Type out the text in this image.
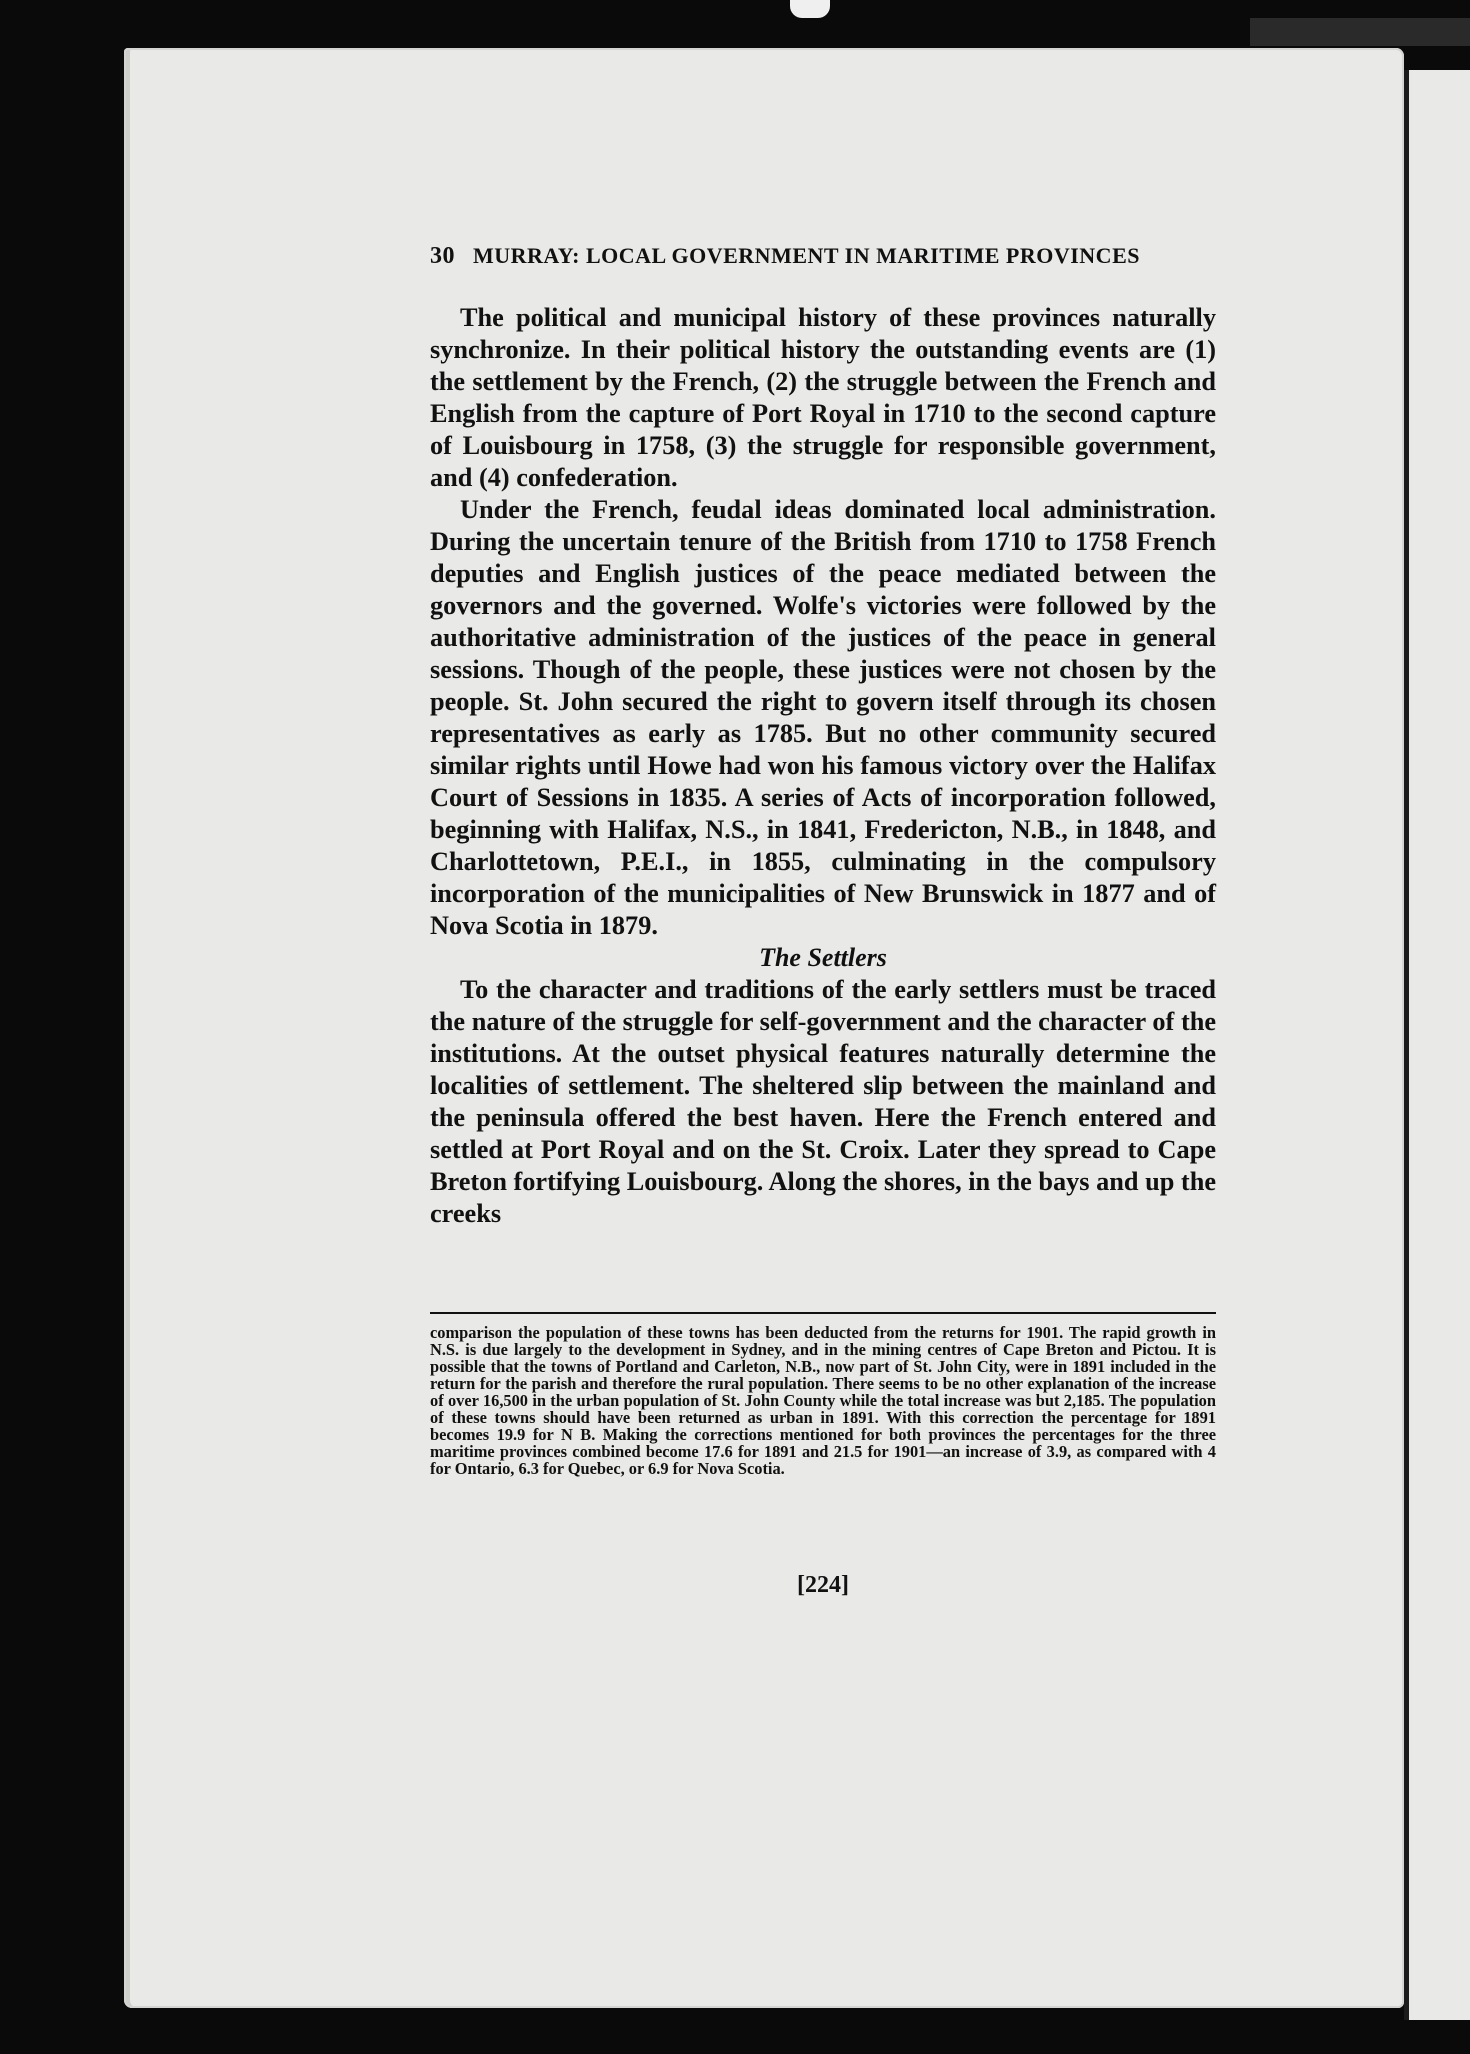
30 MURRAY: LOCAL GOVERNMENT IN MARITIME PROVINCES

The political and municipal history of these provinces naturally synchronize. In their political history the outstanding events are (1) the settlement by the French, (2) the struggle between the French and English from the capture of Port Royal in 1710 to the second capture of Louisbourg in 1758, (3) the struggle for responsible government, and (4) confederation.

Under the French, feudal ideas dominated local administration. During the uncertain tenure of the British from 1710 to 1758 French deputies and English justices of the peace mediated between the governors and the governed. Wolfe's victories were followed by the authoritative administration of the justices of the peace in general sessions. Though of the people, these justices were not chosen by the people. St. John secured the right to govern itself through its chosen representatives as early as 1785. But no other community secured similar rights until Howe had won his famous victory over the Halifax Court of Sessions in 1835. A series of Acts of incorporation followed, beginning with Halifax, N.S., in 1841, Fredericton, N.B., in 1848, and Charlottetown, P.E.I., in 1855, culminating in the compulsory incorporation of the municipalities of New Brunswick in 1877 and of Nova Scotia in 1879.

The Settlers

To the character and traditions of the early settlers must be traced the nature of the struggle for self-government and the character of the institutions. At the outset physical features naturally determine the localities of settlement. The sheltered slip between the mainland and the peninsula offered the best haven. Here the French entered and settled at Port Royal and on the St. Croix. Later they spread to Cape Breton fortifying Louisbourg. Along the shores, in the bays and up the creeks

comparison the population of these towns has been deducted from the returns for 1901. The rapid growth in N.S. is due largely to the development in Sydney, and in the mining centres of Cape Breton and Pictou. It is possible that the towns of Portland and Carleton, N.B., now part of St. John City, were in 1891 included in the return for the parish and therefore the rural population. There seems to be no other explanation of the increase of over 16,500 in the urban population of St. John County while the total increase was but 2,185. The population of these towns should have been returned as urban in 1891. With this correction the percentage for 1891 becomes 19.9 for N B. Making the corrections mentioned for both provinces the percentages for the three maritime provinces combined become 17.6 for 1891 and 21.5 for 1901—an increase of 3.9, as compared with 4 for Ontario, 6.3 for Quebec, or 6.9 for Nova Scotia.
[224]
